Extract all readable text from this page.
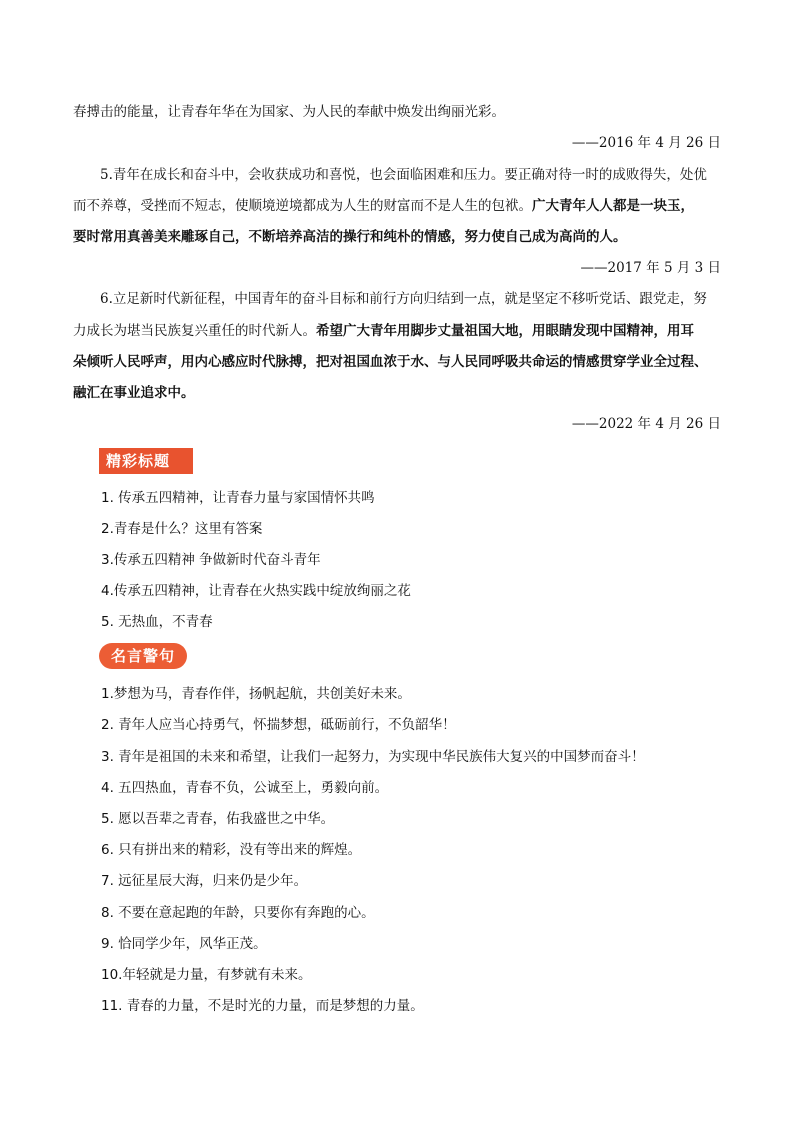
春搏击的能量，让青春年华在为国家、为人民的奉献中焕发出绚丽光彩。
——2016 年 4 月 26 日
5.青年在成长和奋斗中，会收获成功和喜悦，也会面临困难和压力。要正确对待一时的成败得失，处优
而不养尊，受挫而不短志，使顺境逆境都成为人生的财富而不是人生的包袱。广大青年人人都是一块玉，
要时常用真善美来雕琢自己，不断培养高洁的操行和纯朴的情感，努力使自己成为高尚的人。
——2017 年 5 月 3 日
6.立足新时代新征程，中国青年的奋斗目标和前行方向归结到一点，就是坚定不移听党话、跟党走，努
力成长为堪当民族复兴重任的时代新人。希望广大青年用脚步丈量祖国大地，用眼睛发现中国精神，用耳
朵倾听人民呼声，用内心感应时代脉搏，把对祖国血浓于水、与人民同呼吸共命运的情感贯穿学业全过程、
融汇在事业追求中。
——2022 年 4 月 26 日
精彩标题
1. 传承五四精神，让青春力量与家国情怀共鸣
2.青春是什么？这里有答案
3.传承五四精神 争做新时代奋斗青年
4.传承五四精神，让青春在火热实践中绽放绚丽之花
5. 无热血，不青春
名言警句
1.梦想为马，青春作伴，扬帆起航，共创美好未来。
2. 青年人应当心持勇气，怀揣梦想，砥砺前行，不负韶华！
3. 青年是祖国的未来和希望，让我们一起努力，为实现中华民族伟大复兴的中国梦而奋斗！
4. 五四热血，青春不负，公诚至上，勇毅向前。
5. 愿以吾辈之青春，佑我盛世之中华。
6. 只有拼出来的精彩，没有等出来的辉煌。
7. 远征星辰大海，归来仍是少年。
8. 不要在意起跑的年龄，只要你有奔跑的心。
9. 恰同学少年，风华正茂。
10.年轻就是力量，有梦就有未来。
11. 青春的力量，不是时光的力量，而是梦想的力量。
